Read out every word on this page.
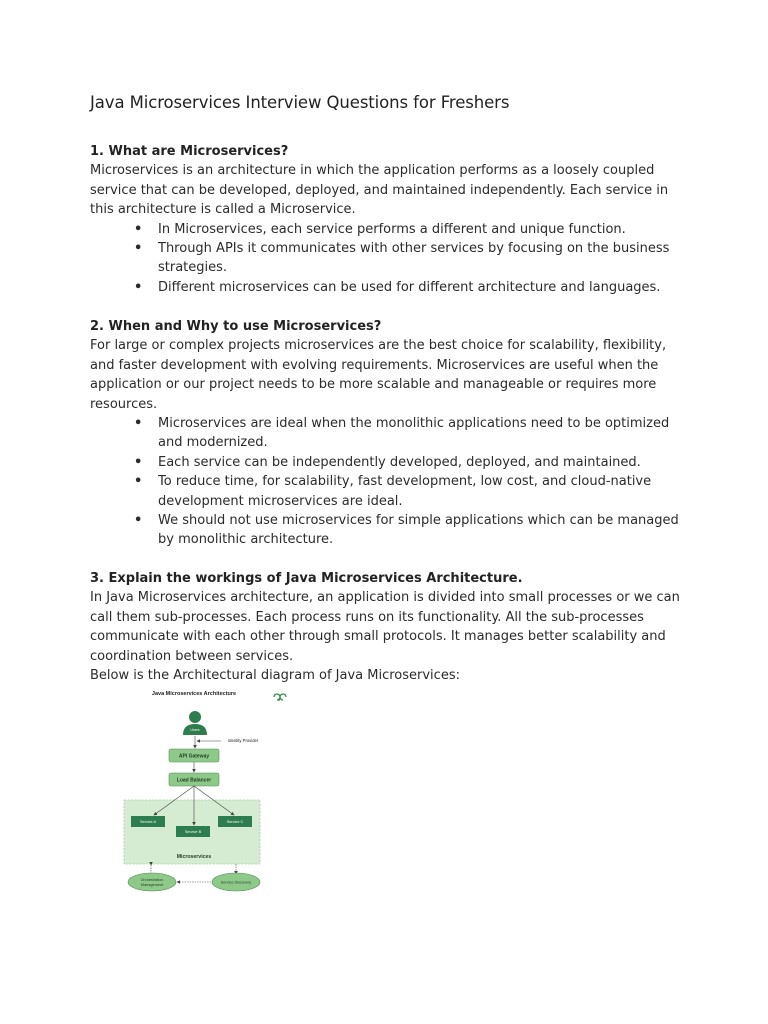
Java Microservices Interview Questions for Freshers
1. What are Microservices?

Microservices is an architecture in which the application performs as a loosely coupled service that can be developed, deployed, and maintained independently. Each service in this architecture is called a Microservice.

• In Microservices, each service performs a different and unique function.
• Through APIs it communicates with other services by focusing on the business strategies.
• Different microservices can be used for different architecture and languages.
2. When and Why to use Microservices?

For large or complex projects microservices are the best choice for scalability, flexibility, and faster development with evolving requirements. Microservices are useful when the application or our project needs to be more scalable and manageable or requires more resources.

• Microservices are ideal when the monolithic applications need to be optimized and modernized.
• Each service can be independently developed, deployed, and maintained.
• To reduce time, for scalability, fast development, low cost, and cloud-native development microservices are ideal.
• We should not use microservices for simple applications which can be managed by monolithic architecture.
3. Explain the workings of Java Microservices Architecture.

In Java Microservices architecture, an application is divided into small processes or we can call them sub-processes. Each process runs on its functionality. All the sub-processes communicate with each other through small protocols. It manages better scalability and coordination between services.

Below is the Architectural diagram of Java Microservices:

Java Microservices Architecture
Users
Identity Provider
API Gateway
Load Balancer
Service A
Service B
Service C
Microservices
Orchestration
Management
Service Discovery
